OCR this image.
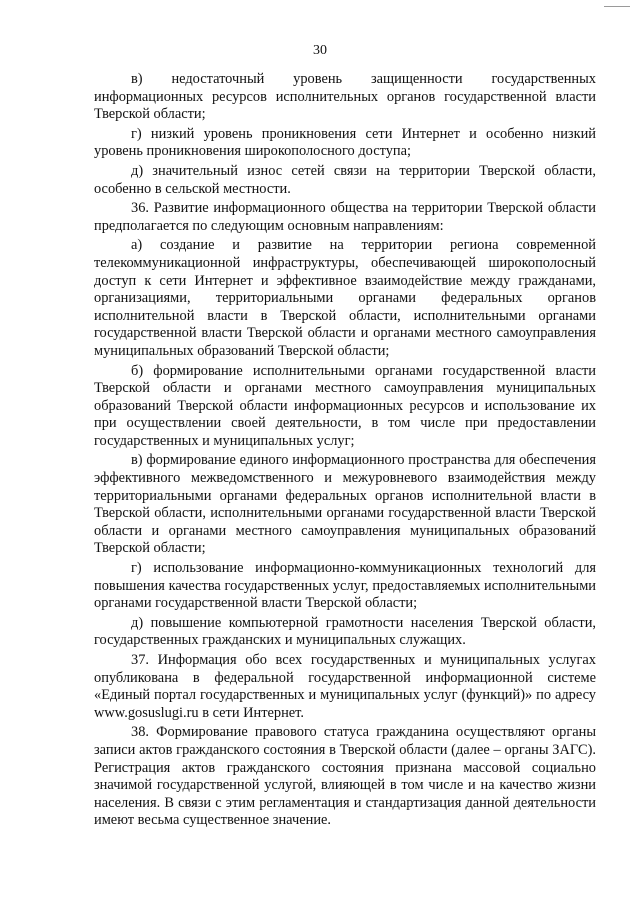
30

в) недостаточный уровень защищенности государственных информационных ресурсов исполнительных органов государственной власти Тверской области;

г) низкий уровень проникновения сети Интернет и особенно низкий уровень проникновения широкополосного доступа;

д) значительный износ сетей связи на территории Тверской области, особенно в сельской местности.

36. Развитие информационного общества на территории Тверской области предполагается по следующим основным направлениям:

а) создание и развитие на территории региона современной телекоммуникационной инфраструктуры, обеспечивающей широкополосный доступ к сети Интернет и эффективное взаимодействие между гражданами, организациями, территориальными органами федеральных органов исполнительной власти в Тверской области, исполнительными органами государственной власти Тверской области и органами местного самоуправления муниципальных образований Тверской области;

б) формирование исполнительными органами государственной власти Тверской области и органами местного самоуправления муниципальных образований Тверской области информационных ресурсов и использование их при осуществлении своей деятельности, в том числе при предоставлении государственных и муниципальных услуг;

в) формирование единого информационного пространства для обеспечения эффективного межведомственного и межуровневого взаимодействия между территориальными органами федеральных органов исполнительной власти в Тверской области, исполнительными органами государственной власти Тверской области и органами местного самоуправления муниципальных образований Тверской области;

г) использование информационно-коммуникационных технологий для повышения качества государственных услуг, предоставляемых исполнительными органами государственной власти Тверской области;

д) повышение компьютерной грамотности населения Тверской области, государственных гражданских и муниципальных служащих.

37. Информация обо всех государственных и муниципальных услугах опубликована в федеральной государственной информационной системе «Единый портал государственных и муниципальных услуг (функций)» по адресу www.gosuslugi.ru в сети Интернет.

38. Формирование правового статуса гражданина осуществляют органы записи актов гражданского состояния в Тверской области (далее – органы ЗАГС). Регистрация актов гражданского состояния признана массовой социально значимой государственной услугой, влияющей в том числе и на качество жизни населения. В связи с этим регламентация и стандартизация данной деятельности имеют весьма существенное значение.
